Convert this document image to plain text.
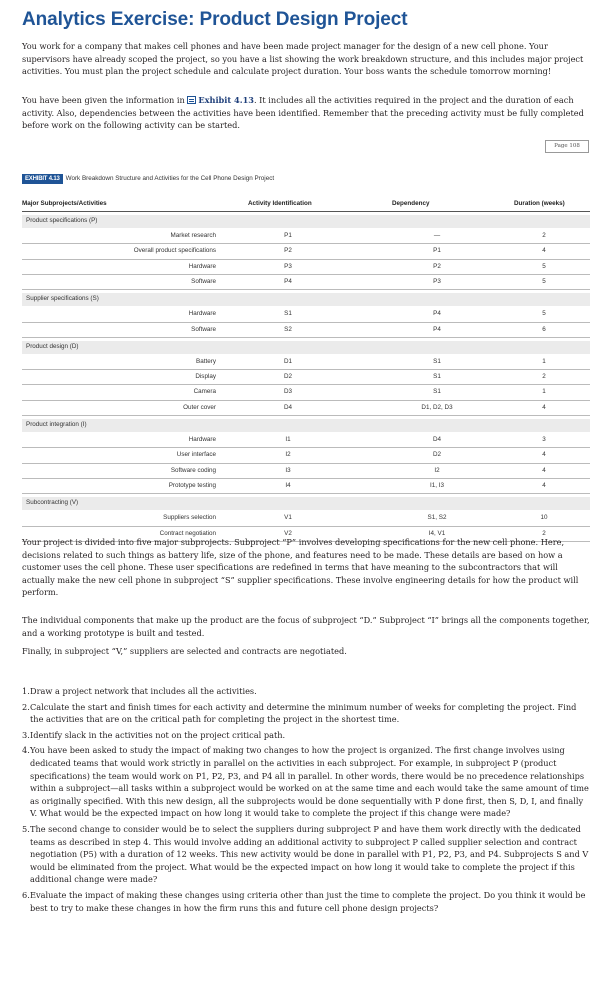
Analytics Exercise: Product Design Project

You work for a company that makes cell phones and have been made project manager for the design of a new cell phone. Your supervisors have already scoped the project, so you have a list showing the work breakdown structure, and this includes major project activities. You must plan the project schedule and calculate project duration. Your boss wants the schedule tomorrow morning!

You have been given the information in Exhibit 4.13. It includes all the activities required in the project and the duration of each activity. Also, dependencies between the activities have been identified. Remember that the preceding activity must be fully completed before work on the following activity can be started.

Page 108
EXHIBIT 4.13 Work Breakdown Structure and Activities for the Cell Phone Design Project
Major Subprojects/Activities	Activity Identification	Dependency	Duration (weeks)
Product specifications (P)
Market research	P1	—	2
Overall product specifications	P2	P1	4
Hardware	P3	P2	5
Software	P4	P3	5
Supplier specifications (S)
Hardware	S1	P4	5
Software	S2	P4	6
Product design (D)
Battery	D1	S1	1
Display	D2	S1	2
Camera	D3	S1	1
Outer cover	D4	D1, D2, D3	4
Product integration (I)
Hardware	I1	D4	3
User interface	I2	D2	4
Software coding	I3	I2	4
Prototype testing	I4	I1, I3	4
Subcontracting (V)
Suppliers selection	V1	S1, S2	10
Contract negotiation	V2	I4, V1	2

Your project is divided into five major subprojects. Subproject “P” involves developing specifications for the new cell phone. Here, decisions related to such things as battery life, size of the phone, and features need to be made. These details are based on how a customer uses the cell phone. These user specifications are redefined in terms that have meaning to the subcontractors that will actually make the new cell phone in subproject “S” supplier specifications. These involve engineering details for how the product will perform.

The individual components that make up the product are the focus of subproject “D.” Subproject “I” brings all the components together, and a working prototype is built and tested.

Finally, in subproject “V,” suppliers are selected and contracts are negotiated.

1. Draw a project network that includes all the activities.
2. Calculate the start and finish times for each activity and determine the minimum number of weeks for completing the project. Find the activities that are on the critical path for completing the project in the shortest time.
3. Identify slack in the activities not on the project critical path.
4. You have been asked to study the impact of making two changes to how the project is organized. The first change involves using dedicated teams that would work strictly in parallel on the activities in each subproject. For example, in subproject P (product specifications) the team would work on P1, P2, P3, and P4 all in parallel. In other words, there would be no precedence relationships within a subproject—all tasks within a subproject would be worked on at the same time and each would take the same amount of time as originally specified. With this new design, all the subprojects would be done sequentially with P done first, then S, D, I, and finally V. What would be the expected impact on how long it would take to complete the project if this change were made?
5. The second change to consider would be to select the suppliers during subproject P and have them work directly with the dedicated teams as described in step 4. This would involve adding an additional activity to subproject P called supplier selection and contract negotiation (P5) with a duration of 12 weeks. This new activity would be done in parallel with P1, P2, P3, and P4. Subprojects S and V would be eliminated from the project. What would be the expected impact on how long it would take to complete the project if this additional change were made?
6. Evaluate the impact of making these changes using criteria other than just the time to complete the project. Do you think it would be best to try to make these changes in how the firm runs this and future cell phone design projects?
